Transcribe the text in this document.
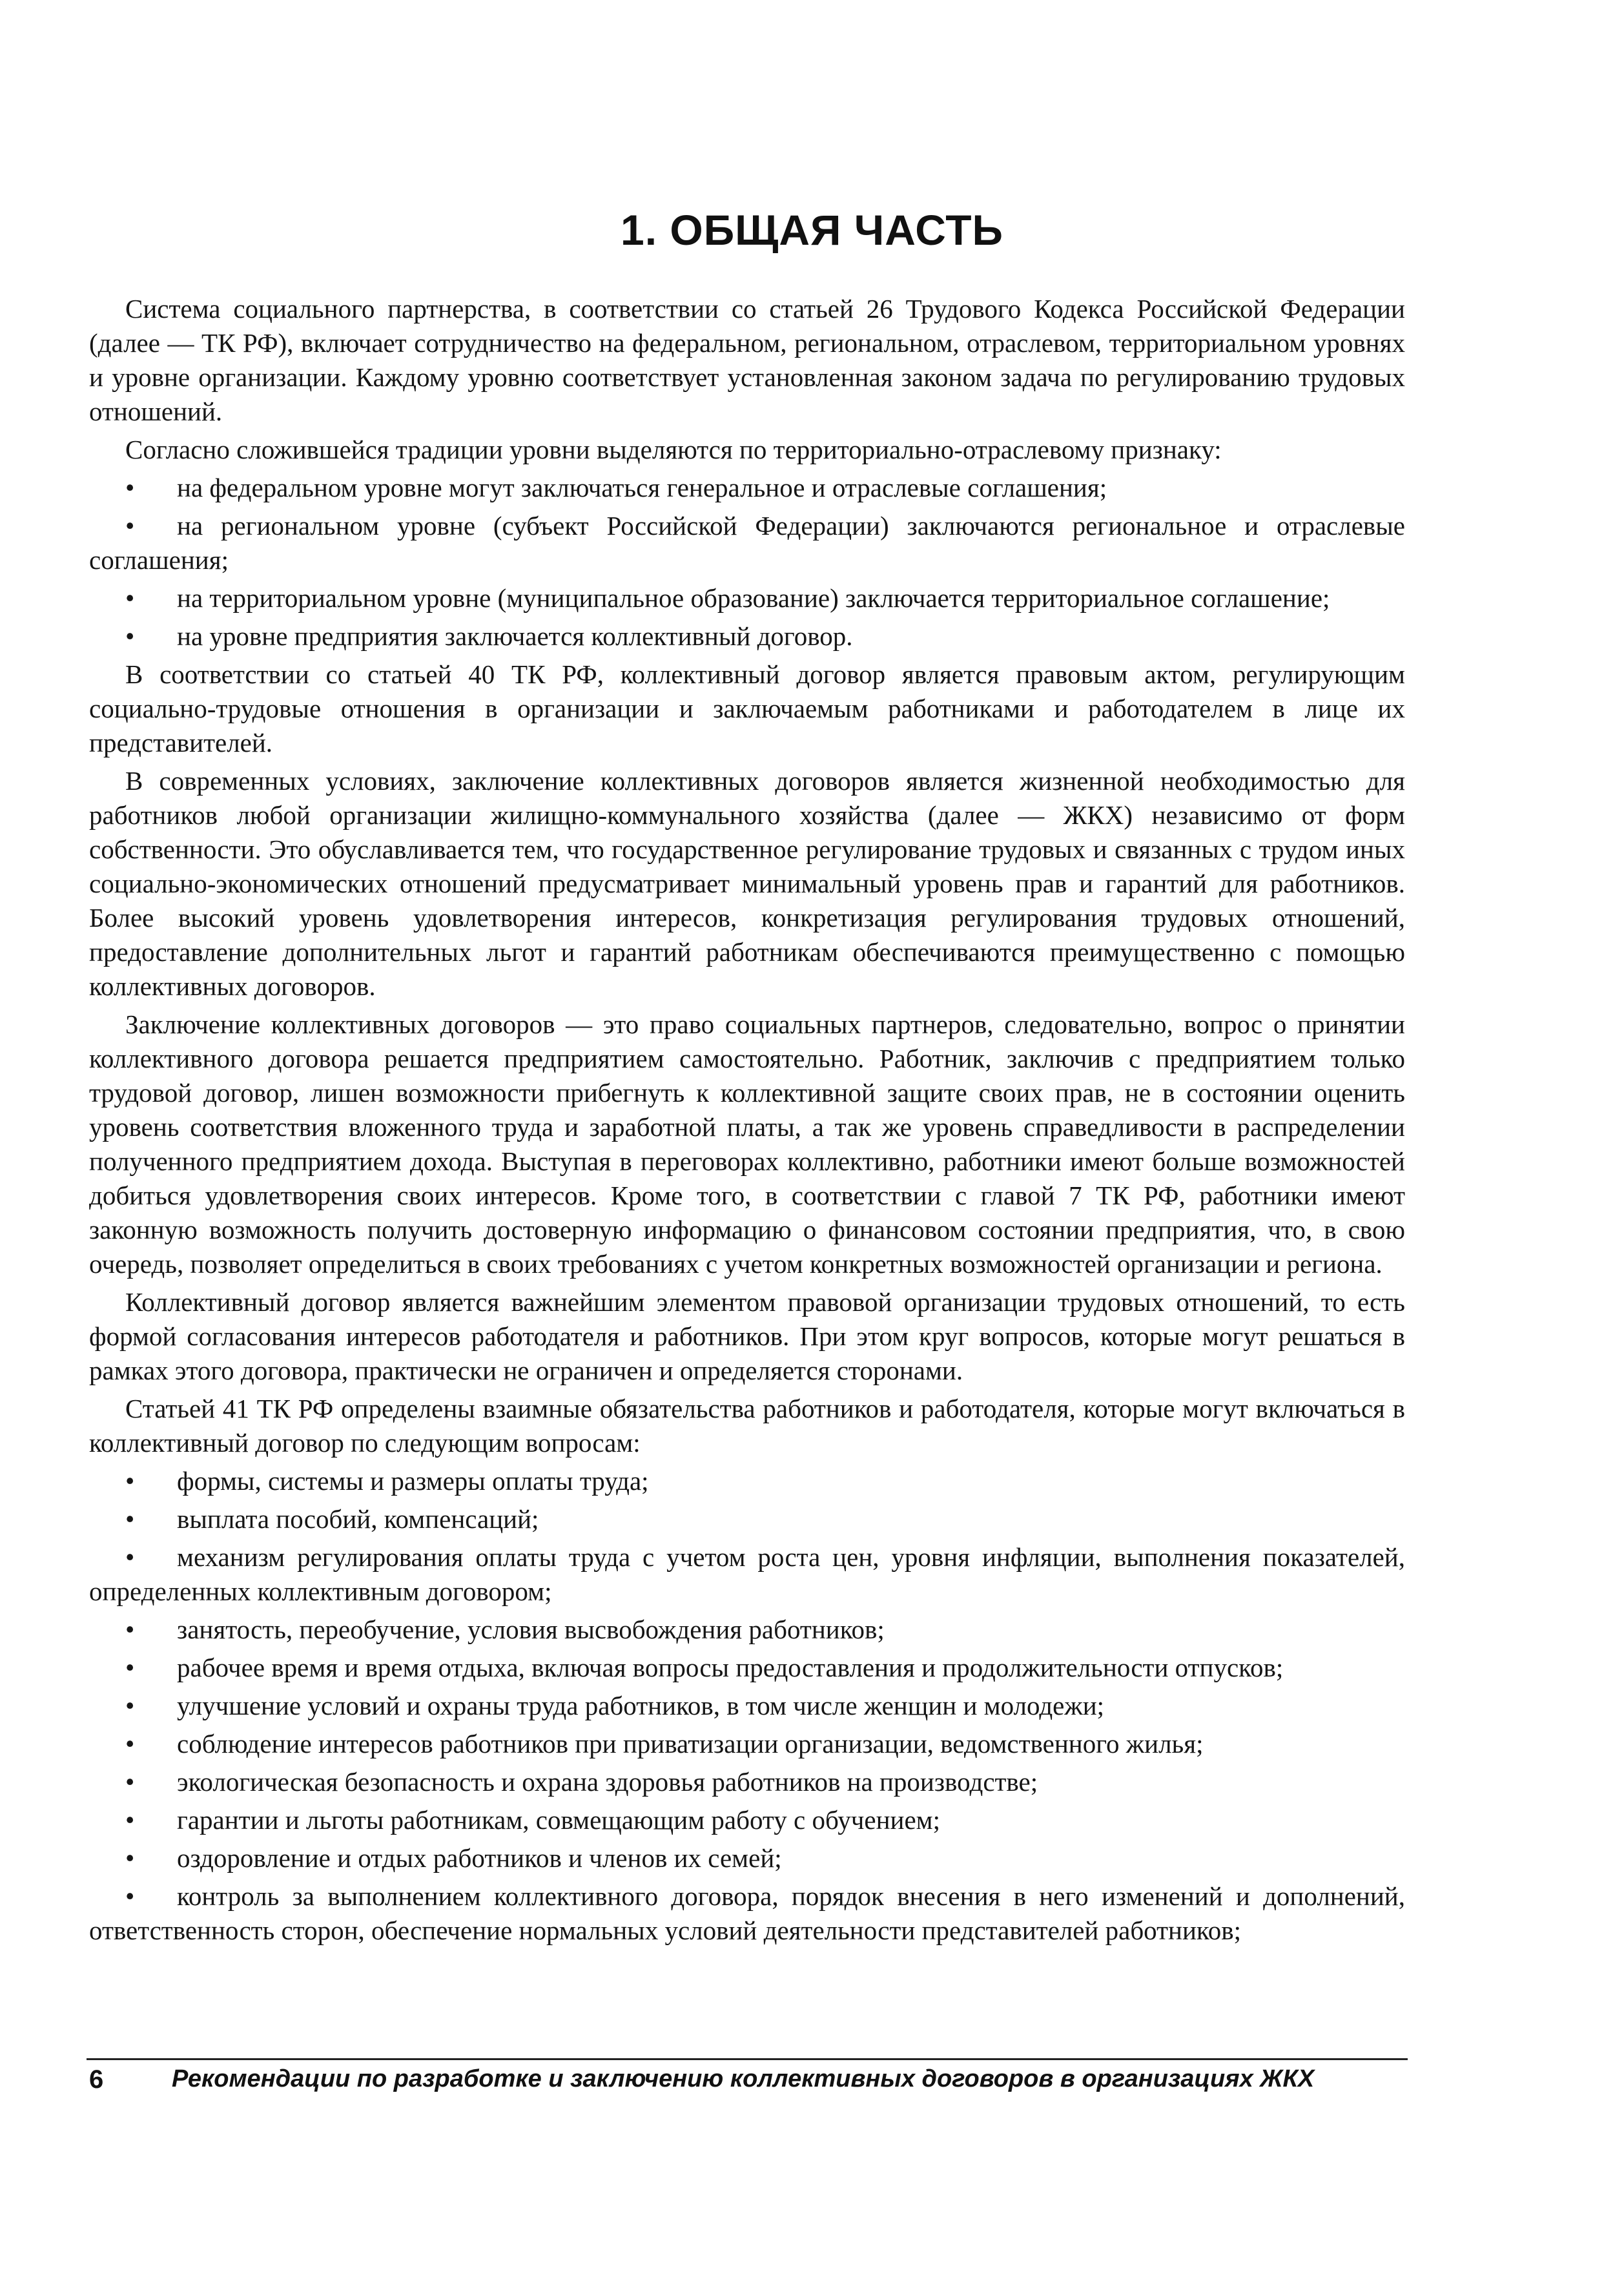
1. ОБЩАЯ ЧАСТЬ

Система социального партнерства, в соответствии со статьей 26 Трудового Кодекса Российской Федерации (далее — ТК РФ), включает сотрудничество на федеральном, региональном, отраслевом, территориальном уровнях и уровне организации. Каждому уровню соответствует установленная законом задача по регулированию трудовых отношений.

Согласно сложившейся традиции уровни выделяются по территориально-отраслевому признаку:

• на федеральном уровне могут заключаться генеральное и отраслевые соглашения;
• на региональном уровне (субъект Российской Федерации) заключаются региональное и отраслевые соглашения;
• на территориальном уровне (муниципальное образование) заключается территориальное соглашение;
• на уровне предприятия заключается коллективный договор.

В соответствии со статьей 40 ТК РФ, коллективный договор является правовым актом, регулирующим социально-трудовые отношения в организации и заключаемым работниками и работодателем в лице их представителей.

В современных условиях, заключение коллективных договоров является жизненной необходимостью для работников любой организации жилищно-коммунального хозяйства (далее — ЖКХ) независимо от форм собственности. Это обуславливается тем, что государственное регулирование трудовых и связанных с трудом иных социально-экономических отношений предусматривает минимальный уровень прав и гарантий для работников. Более высокий уровень удовлетворения интересов, конкретизация регулирования трудовых отношений, предоставление дополнительных льгот и гарантий работникам обеспечиваются преимущественно с помощью коллективных договоров.

Заключение коллективных договоров — это право социальных партнеров, следовательно, вопрос о принятии коллективного договора решается предприятием самостоятельно. Работник, заключив с предприятием только трудовой договор, лишен возможности прибегнуть к коллективной защите своих прав, не в состоянии оценить уровень соответствия вложенного труда и заработной платы, а так же уровень справедливости в распределении полученного предприятием дохода. Выступая в переговорах коллективно, работники имеют больше возможностей добиться удовлетворения своих интересов. Кроме того, в соответствии с главой 7 ТК РФ, работники имеют законную возможность получить достоверную информацию о финансовом состоянии предприятия, что, в свою очередь, позволяет определиться в своих требованиях с учетом конкретных возможностей организации и региона.

Коллективный договор является важнейшим элементом правовой организации трудовых отношений, то есть формой согласования интересов работодателя и работников. При этом круг вопросов, которые могут решаться в рамках этого договора, практически не ограничен и определяется сторонами.

Статьей 41 ТК РФ определены взаимные обязательства работников и работодателя, которые могут включаться в коллективный договор по следующим вопросам:

• формы, системы и размеры оплаты труда;
• выплата пособий, компенсаций;
• механизм регулирования оплаты труда с учетом роста цен, уровня инфляции, выполнения показателей, определенных коллективным договором;
• занятость, переобучение, условия высвобождения работников;
• рабочее время и время отдыха, включая вопросы предоставления и продолжительности отпусков;
• улучшение условий и охраны труда работников, в том числе женщин и молодежи;
• соблюдение интересов работников при приватизации организации, ведомственного жилья;
• экологическая безопасность и охрана здоровья работников на производстве;
• гарантии и льготы работникам, совмещающим работу с обучением;
• оздоровление и отдых работников и членов их семей;
• контроль за выполнением коллективного договора, порядок внесения в него изменений и дополнений, ответственность сторон, обеспечение нормальных условий деятельности представителей работников;
6	Рекомендации по разработке и заключению коллективных договоров в организациях ЖКХ
